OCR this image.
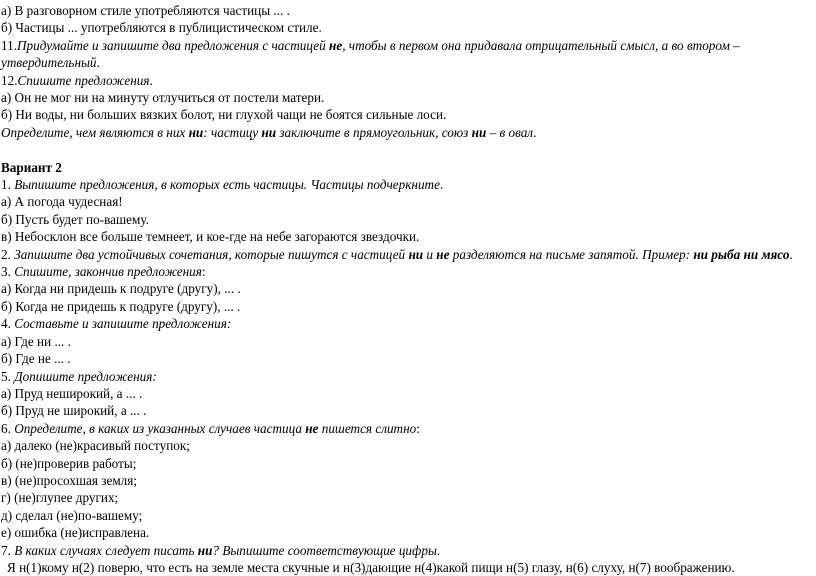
а) В разговорном стиле употребляются частицы ... .
б) Частицы ... употребляются в публицистическом стиле.
11.Придумайте и запишите два предложения с частицей не, чтобы в первом она придавала отрицательный смысл, а во втором – утвердительный.
12.Спишите предложения.
а) Он не мог ни на минуту отлучиться от постели матери.
б) Ни воды, ни больших вязких болот, ни глухой чащи не боятся сильные лоси.
Определите, чем являются в них ни: частицу ни заключите в прямоугольник, союз ни – в овал.
Вариант 2
1. Выпишите предложения, в которых есть частицы. Частицы подчеркните.
а) А погода чудесная!
б) Пусть будет по-вашему.
в) Небосклон все больше темнеет, и кое-где на небе загораются звездочки.
2. Запишите два устойчивых сочетания, которые пишутся с частицей ни и не разделяются на письме запятой. Пример: ни рыба ни мясо.
3. Спишите, закончив предложения:
а) Когда ни придешь к подруге (другу), ... .
б) Когда не придешь к подруге (другу), ... .
4. Составьте и запишите предложения:
а) Где ни ... .
б) Где не ... .
5. Допишите предложения:
а) Пруд неширокий, а ... .
б) Пруд не широкий, а ... .
6. Определите, в каких из указанных случаев частица не пишется слитно:
а) далеко (не)красивый поступок;
б) (не)проверив работы;
в) (не)просохшая земля;
г) (не)глупее других;
д) сделал (не)по-вашему;
е) ошибка (не)исправлена.
7. В каких случаях следует писать ни? Выпишите соответствующие цифры.
Я н(1)кому н(2) поверю, что есть на земле места скучные и н(3)дающие н(4)какой пищи н(5) глазу, н(6) слуху, н(7) воображению.
